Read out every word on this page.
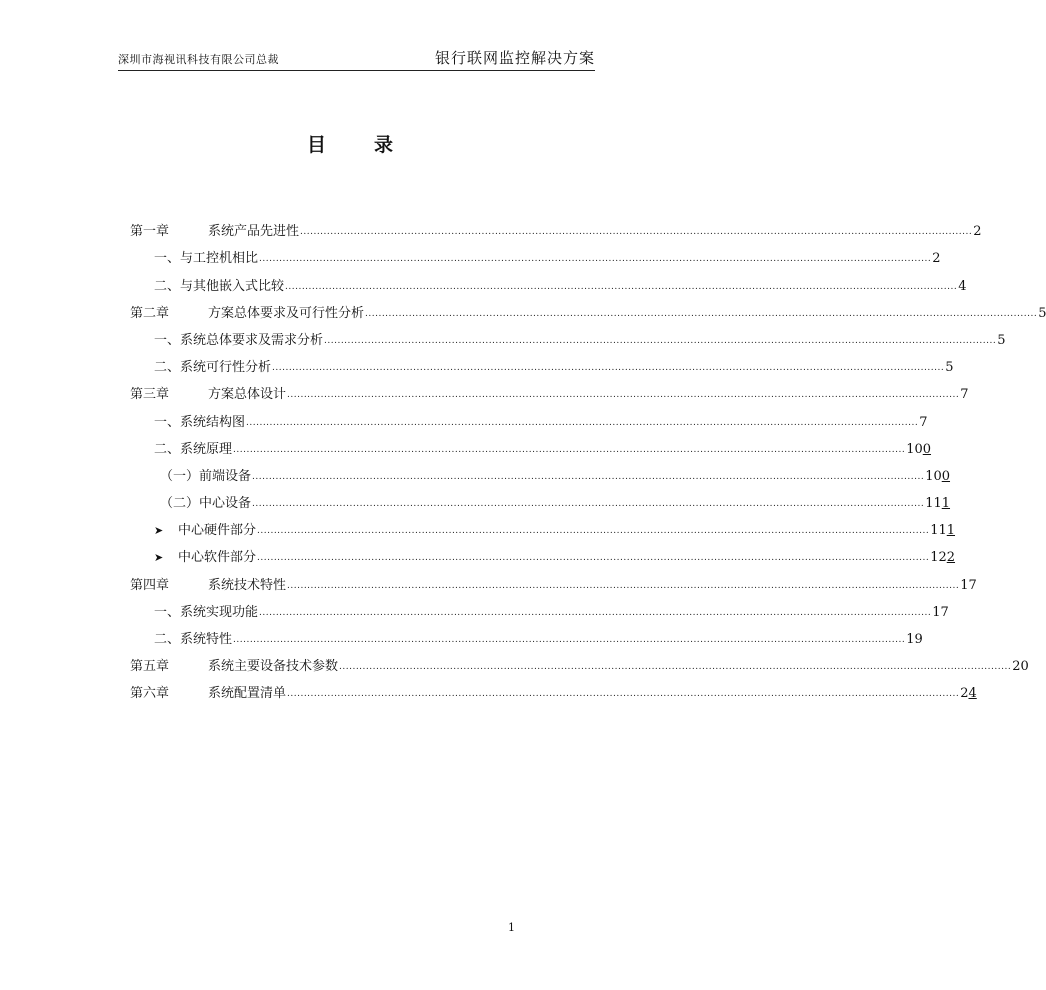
深圳市海视讯科技有限公司总裁	银行联网监控解决方案
目	录
第一章	系统产品先进性 ........................................................................................................................................................................................................ 2
一、与工控机相比 ........................................................................................................................................................................................................ 2
二、与其他嵌入式比较 ........................................................................................................................................................................................................ 4
第二章	方案总体要求及可行性分析 ........................................................................................................................................................................................................ 5
一、系统总体要求及需求分析 ........................................................................................................................................................................................................ 5
二、系统可行性分析 ........................................................................................................................................................................................................ 5
第三章	方案总体设计 ........................................................................................................................................................................................................ 7
一、系统结构图 ........................................................................................................................................................................................................ 7
二、系统原理 ........................................................................................................................................................................................................ 100
（一）前端设备 ........................................................................................................................................................................................................ 100
（二）中心设备 ........................................................................................................................................................................................................ 111
➤ 中心硬件部分 ........................................................................................................................................................................................................ 111
➤ 中心软件部分 ........................................................................................................................................................................................................ 122
第四章	系统技术特性 ........................................................................................................................................................................................................ 17
一、系统实现功能 ........................................................................................................................................................................................................ 17
二、系统特性 ........................................................................................................................................................................................................ 19
第五章	系统主要设备技术参数 ........................................................................................................................................................................................................ 20
第六章	系统配置清单 ........................................................................................................................................................................................................ 24
1
